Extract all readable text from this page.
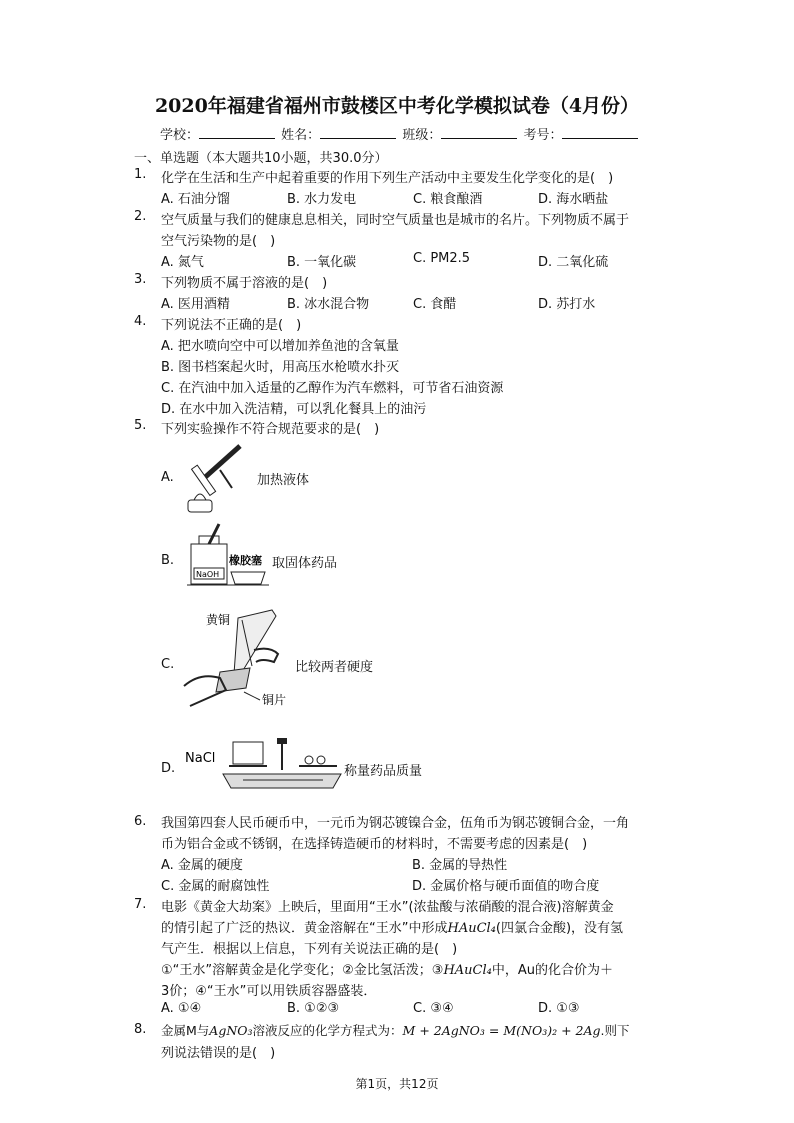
2020年福建省福州市鼓楼区中考化学模拟试卷（4月份）
学校：	姓名：	班级：	考号：
一、单选题（本大题共10小题，共30.0分）
1. 化学在生活和生产中起着重要的作用下列生产活动中主要发生化学变化的是(　)
A. 石油分馏	B. 水力发电	C. 粮食酿酒	D. 海水晒盐
2. 空气质量与我们的健康息息相关，同时空气质量也是城市的名片。下列物质不属于
空气污染物的是(　)
A. 氮气	B. 一氧化碳	C. PM2.5	D. 二氧化硫
3. 下列物质不属于溶液的是(　)
A. 医用酒精	B. 冰水混合物	C. 食醋	D. 苏打水
4. 下列说法不正确的是(　)
A. 把水喷向空中可以增加养鱼池的含氧量
B. 图书档案起火时，用高压水枪喷水扑灭
C. 在汽油中加入适量的乙醇作为汽车燃料，可节省石油资源
D. 在水中加入洗洁精，可以乳化餐具上的油污
5. 下列实验操作不符合规范要求的是(　)
A.	加热液体
B.
NaOH
橡胶塞 取固体药品
C.
黄铜
铜片
比较两者硬度
D.
NaCl
称量药品质量
6. 我国第四套人民币硬币中，一元币为钢芯镀镍合金，伍角币为钢芯镀铜合金，一角
币为铝合金或不锈钢，在选择铸造硬币的材料时，不需要考虑的因素是(　)
A. 金属的硬度	B. 金属的导热性
C. 金属的耐腐蚀性	D. 金属价格与硬币面值的吻合度
7. 电影《黄金大劫案》上映后，里面用“王水”(浓盐酸与浓硝酸的混合液)溶解黄金
的情引起了广泛的热议．黄金溶解在“王水”中形成HAuCl₄(四氯合金酸)，没有氢
气产生．根据以上信息，下列有关说法正确的是(　)
①“王水”溶解黄金是化学变化；②金比氢活泼；③HAuCl₄中，Au的化合价为＋
3价；④“王水”可以用铁质容器盛装．
A. ①④	B. ①②③	C. ③④	D. ①③
8. 金属M与AgNO₃溶液反应的化学方程式为：M + 2AgNO₃ = M(NO₃)₂ + 2Ag.则下
列说法错误的是(　)
第1页，共12页
